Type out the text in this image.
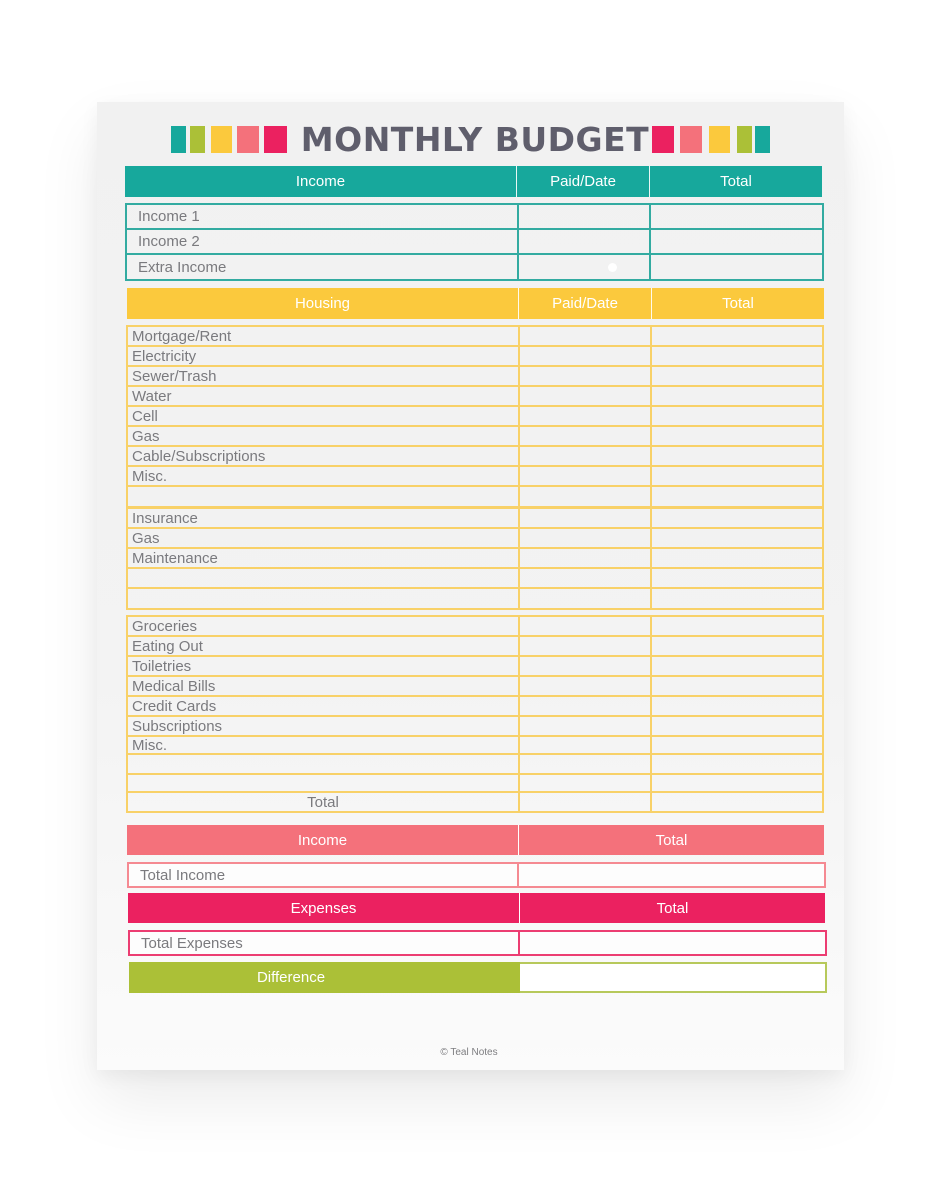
MONTHLY BUDGET
Income	Paid/Date	Total
Income 1
Income 2
Extra Income
Housing	Paid/Date	Total
Mortgage/Rent
Electricity
Sewer/Trash
Water
Cell
Gas
Cable/Subscriptions
Misc.
Insurance
Gas
Maintenance
Groceries
Eating Out
Toiletries
Medical Bills
Credit Cards
Subscriptions
Misc.
Total
Income	Total
Total Income
Expenses	Total
Total Expenses
Difference
© Teal Notes
